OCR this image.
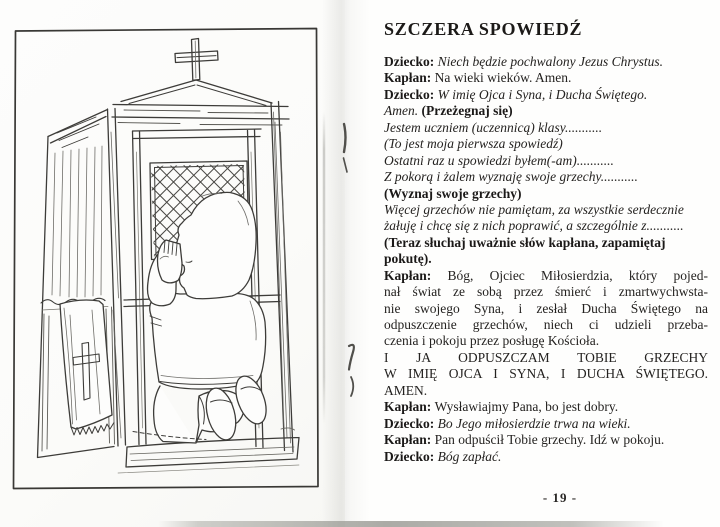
SZCZERA SPOWIEDŹ
Dziecko: Niech będzie pochwalony Jezus Chrystus.
Kapłan: Na wieki wieków. Amen.
Dziecko: W imię Ojca i Syna, i Ducha Świętego.
Amen. (Przeżegnaj się)
Jestem uczniem (uczennicą) klasy...........
(To jest moja pierwsza spowiedź)
Ostatni raz u spowiedzi byłem(-am)...........
Z pokorą i żalem wyznaję swoje grzechy...........
(Wyznaj swoje grzechy)
Więcej grzechów nie pamiętam, za wszystkie serdecznie
żałuję i chcę się z nich poprawić, a szczególnie z...........
(Teraz słuchaj uważnie słów kapłana, zapamiętaj
pokutę).
Kapłan: Bóg, Ojciec Miłosierdzia, który pojed-
nał świat ze sobą przez śmierć i zmartwychwsta-
nie swojego Syna, i zesłał Ducha Świętego na
odpuszczenie grzechów, niech ci udzieli przeba-
czenia i pokoju przez posługę Kościoła.
I JA ODPUSZCZAM TOBIE GRZECHY
W IMIĘ OJCA I SYNA, I DUCHA ŚWIĘTEGO.
AMEN.
Kapłan: Wysławiajmy Pana, bo jest dobry.
Dziecko: Bo Jego miłosierdzie trwa na wieki.
Kapłan: Pan odpuścił Tobie grzechy. Idź w pokoju.
Dziecko: Bóg zapłać.
- 19 -
